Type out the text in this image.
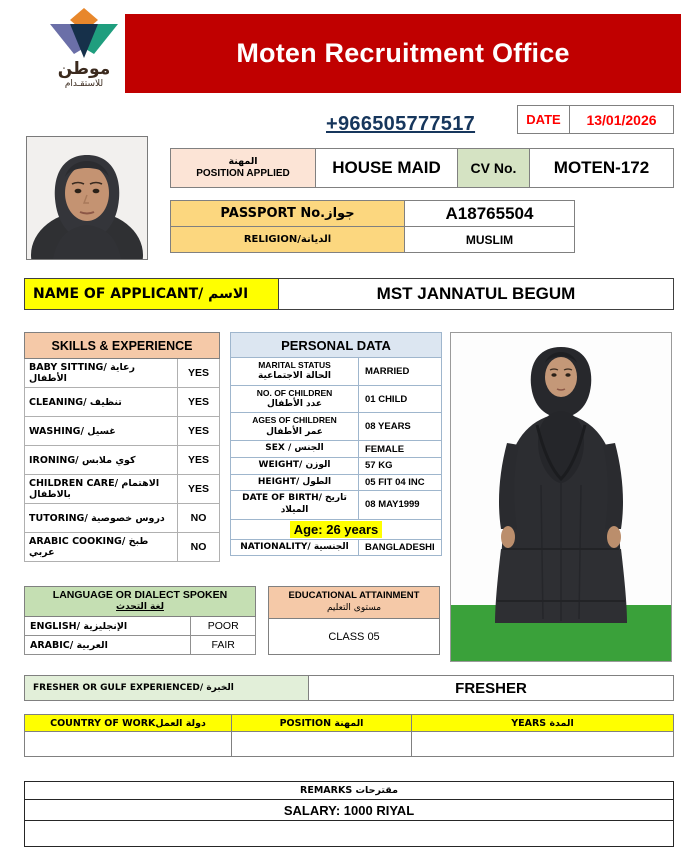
موطن
للاستقـدام
Moten Recruitment Office
+966505777517	DATE	13/01/2026
المهنة
POSITION APPLIED	HOUSE MAID	CV No.	MOTEN-172
PASSPORT No.جواز	A18765504
RELIGION/الديانة	MUSLIM
NAME OF APPLICANT/ الاسم	MST JANNATUL BEGUM
SKILLS & EXPERIENCE	
BABY SITTING/ رعاية الأطفال	YES
CLEANING/ تنظيف	YES
WASHING/ غسيل	YES
IRONING/ كوي ملابس	YES
CHILDREN CARE/ الاهتمام بالاطفال	YES
TUTORING/ دروس خصوصية	NO
ARABIC COOKING/ طبخ عربي	NO
PERSONAL DATA	
MARITAL STATUS
الحالة الاجتماعية	MARRIED
NO. OF CHILDREN
عدد الأطفال	01 CHILD
AGES OF CHILDREN
عمر الأطفال	08 YEARS
SEX / الجنس	FEMALE
WEIGHT/ الوزن	57 KG
HEIGHT/ الطول	05 FIT 04 INC
DATE OF BIRTH/ تاريخ الميلاد	08 MAY1999
Age: 26 years	
NATIONALITY/ الجنسية	BANGLADESHI
LANGUAGE OR DIALECT SPOKEN
لغة التحدث	

ENGLISH/ الإنجليزية	POOR
ARABIC/ العربية	FAIR
EDUCATIONAL ATTAINMENT
مستوى التعليم
CLASS 05
FRESHER OR GULF EXPERIENCED/ الخبرة	FRESHER
COUNTRY OF WORKدولة العمل	POSITION المهنة	YEARS المدة

REMARKS مقترحات
SALARY: 1000 RIYAL
